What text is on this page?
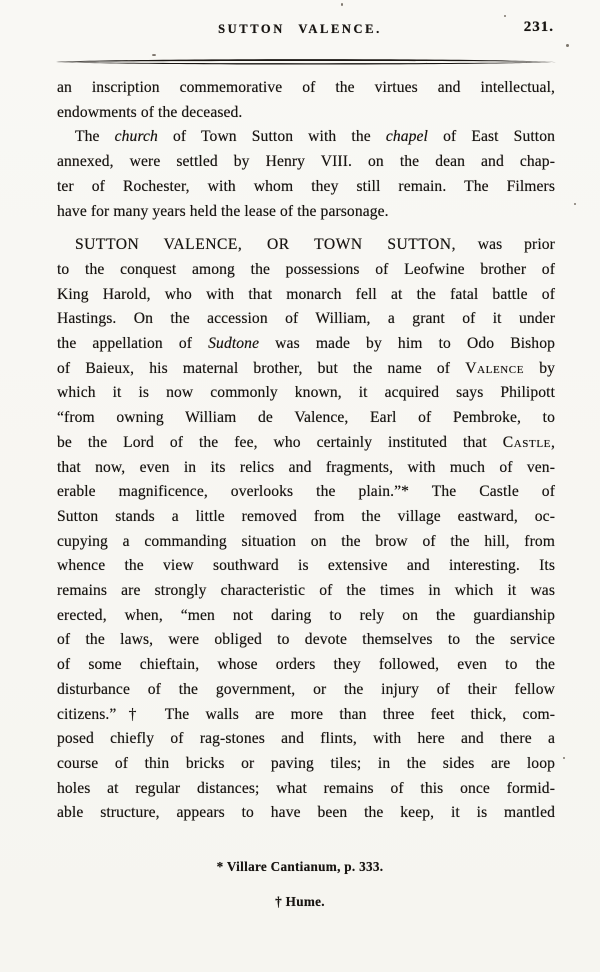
SUTTON VALENCE.	231.
an inscription commemorative of the virtues and intellectual,
endowments of the deceased.
The church of Town Sutton with the chapel of East Sutton
annexed, were settled by Henry VIII. on the dean and chap-
ter of Rochester, with whom they still remain. The Filmers
have for many years held the lease of the parsonage.
SUTTON VALENCE, OR TOWN SUTTON, was prior
to the conquest among the possessions of Leofwine brother of
King Harold, who with that monarch fell at the fatal battle of
Hastings. On the accession of William, a grant of it under
the appellation of Sudtone was made by him to Odo Bishop
of Baieux, his maternal brother, but the name of Valence by
which it is now commonly known, it acquired says Philipott
“from owning William de Valence, Earl of Pembroke, to
be the Lord of the fee, who certainly instituted that Castle,
that now, even in its relics and fragments, with much of ven-
erable magnificence, overlooks the plain.”* The Castle of
Sutton stands a little removed from the village eastward, oc-
cupying a commanding situation on the brow of the hill, from
whence the view southward is extensive and interesting. Its
remains are strongly characteristic of the times in which it was
erected, when, “men not daring to rely on the guardianship
of the laws, were obliged to devote themselves to the service
of some chieftain, whose orders they followed, even to the
disturbance of the government, or the injury of their fellow
citizens.”† The walls are more than three feet thick, com-
posed chiefly of rag-stones and flints, with here and there a
course of thin bricks or paving tiles; in the sides are loop
holes at regular distances; what remains of this once formid-
able structure, appears to have been the keep, it is mantled
* Villare Cantianum, p. 333.
† Hume.
